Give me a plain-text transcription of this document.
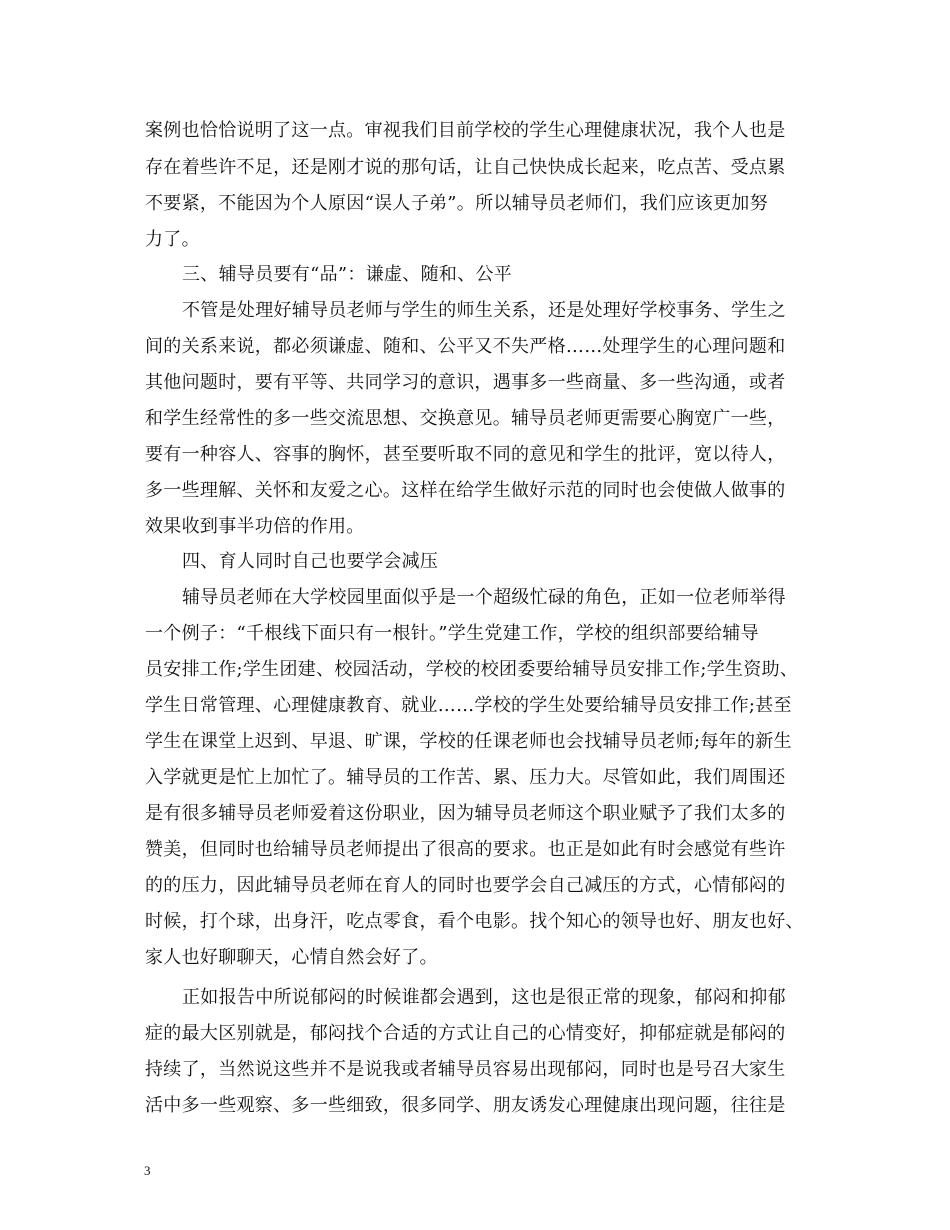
案例也恰恰说明了这一点。审视我们目前学校的学生心理健康状况，我个人也是
存在着些许不足，还是刚才说的那句话，让自己快快成长起来，吃点苦、受点累
不要紧，不能因为个人原因“误人子弟”。所以辅导员老师们，我们应该更加努
力了。
三、辅导员要有“品”：谦虚、随和、公平
不管是处理好辅导员老师与学生的师生关系，还是处理好学校事务、学生之
间的关系来说，都必须谦虚、随和、公平又不失严格……处理学生的心理问题和
其他问题时，要有平等、共同学习的意识，遇事多一些商量、多一些沟通，或者
和学生经常性的多一些交流思想、交换意见。辅导员老师更需要心胸宽广一些，
要有一种容人、容事的胸怀，甚至要听取不同的意见和学生的批评，宽以待人，
多一些理解、关怀和友爱之心。这样在给学生做好示范的同时也会使做人做事的
效果收到事半功倍的作用。
四、育人同时自己也要学会减压
辅导员老师在大学校园里面似乎是一个超级忙碌的角色，正如一位老师举得
一个例子：“千根线下面只有一根针。”学生党建工作，学校的组织部要给辅导
员安排工作;学生团建、校园活动，学校的校团委要给辅导员安排工作;学生资助、
学生日常管理、心理健康教育、就业……学校的学生处要给辅导员安排工作;甚至
学生在课堂上迟到、早退、旷课，学校的任课老师也会找辅导员老师;每年的新生
入学就更是忙上加忙了。辅导员的工作苦、累、压力大。尽管如此，我们周围还
是有很多辅导员老师爱着这份职业，因为辅导员老师这个职业赋予了我们太多的
赞美，但同时也给辅导员老师提出了很高的要求。也正是如此有时会感觉有些许
的的压力，因此辅导员老师在育人的同时也要学会自己减压的方式，心情郁闷的
时候，打个球，出身汗，吃点零食，看个电影。找个知心的领导也好、朋友也好、
家人也好聊聊天，心情自然会好了。
正如报告中所说郁闷的时候谁都会遇到，这也是很正常的现象，郁闷和抑郁
症的最大区别就是，郁闷找个合适的方式让自己的心情变好，抑郁症就是郁闷的
持续了，当然说这些并不是说我或者辅导员容易出现郁闷，同时也是号召大家生
活中多一些观察、多一些细致，很多同学、朋友诱发心理健康出现问题，往往是
3
